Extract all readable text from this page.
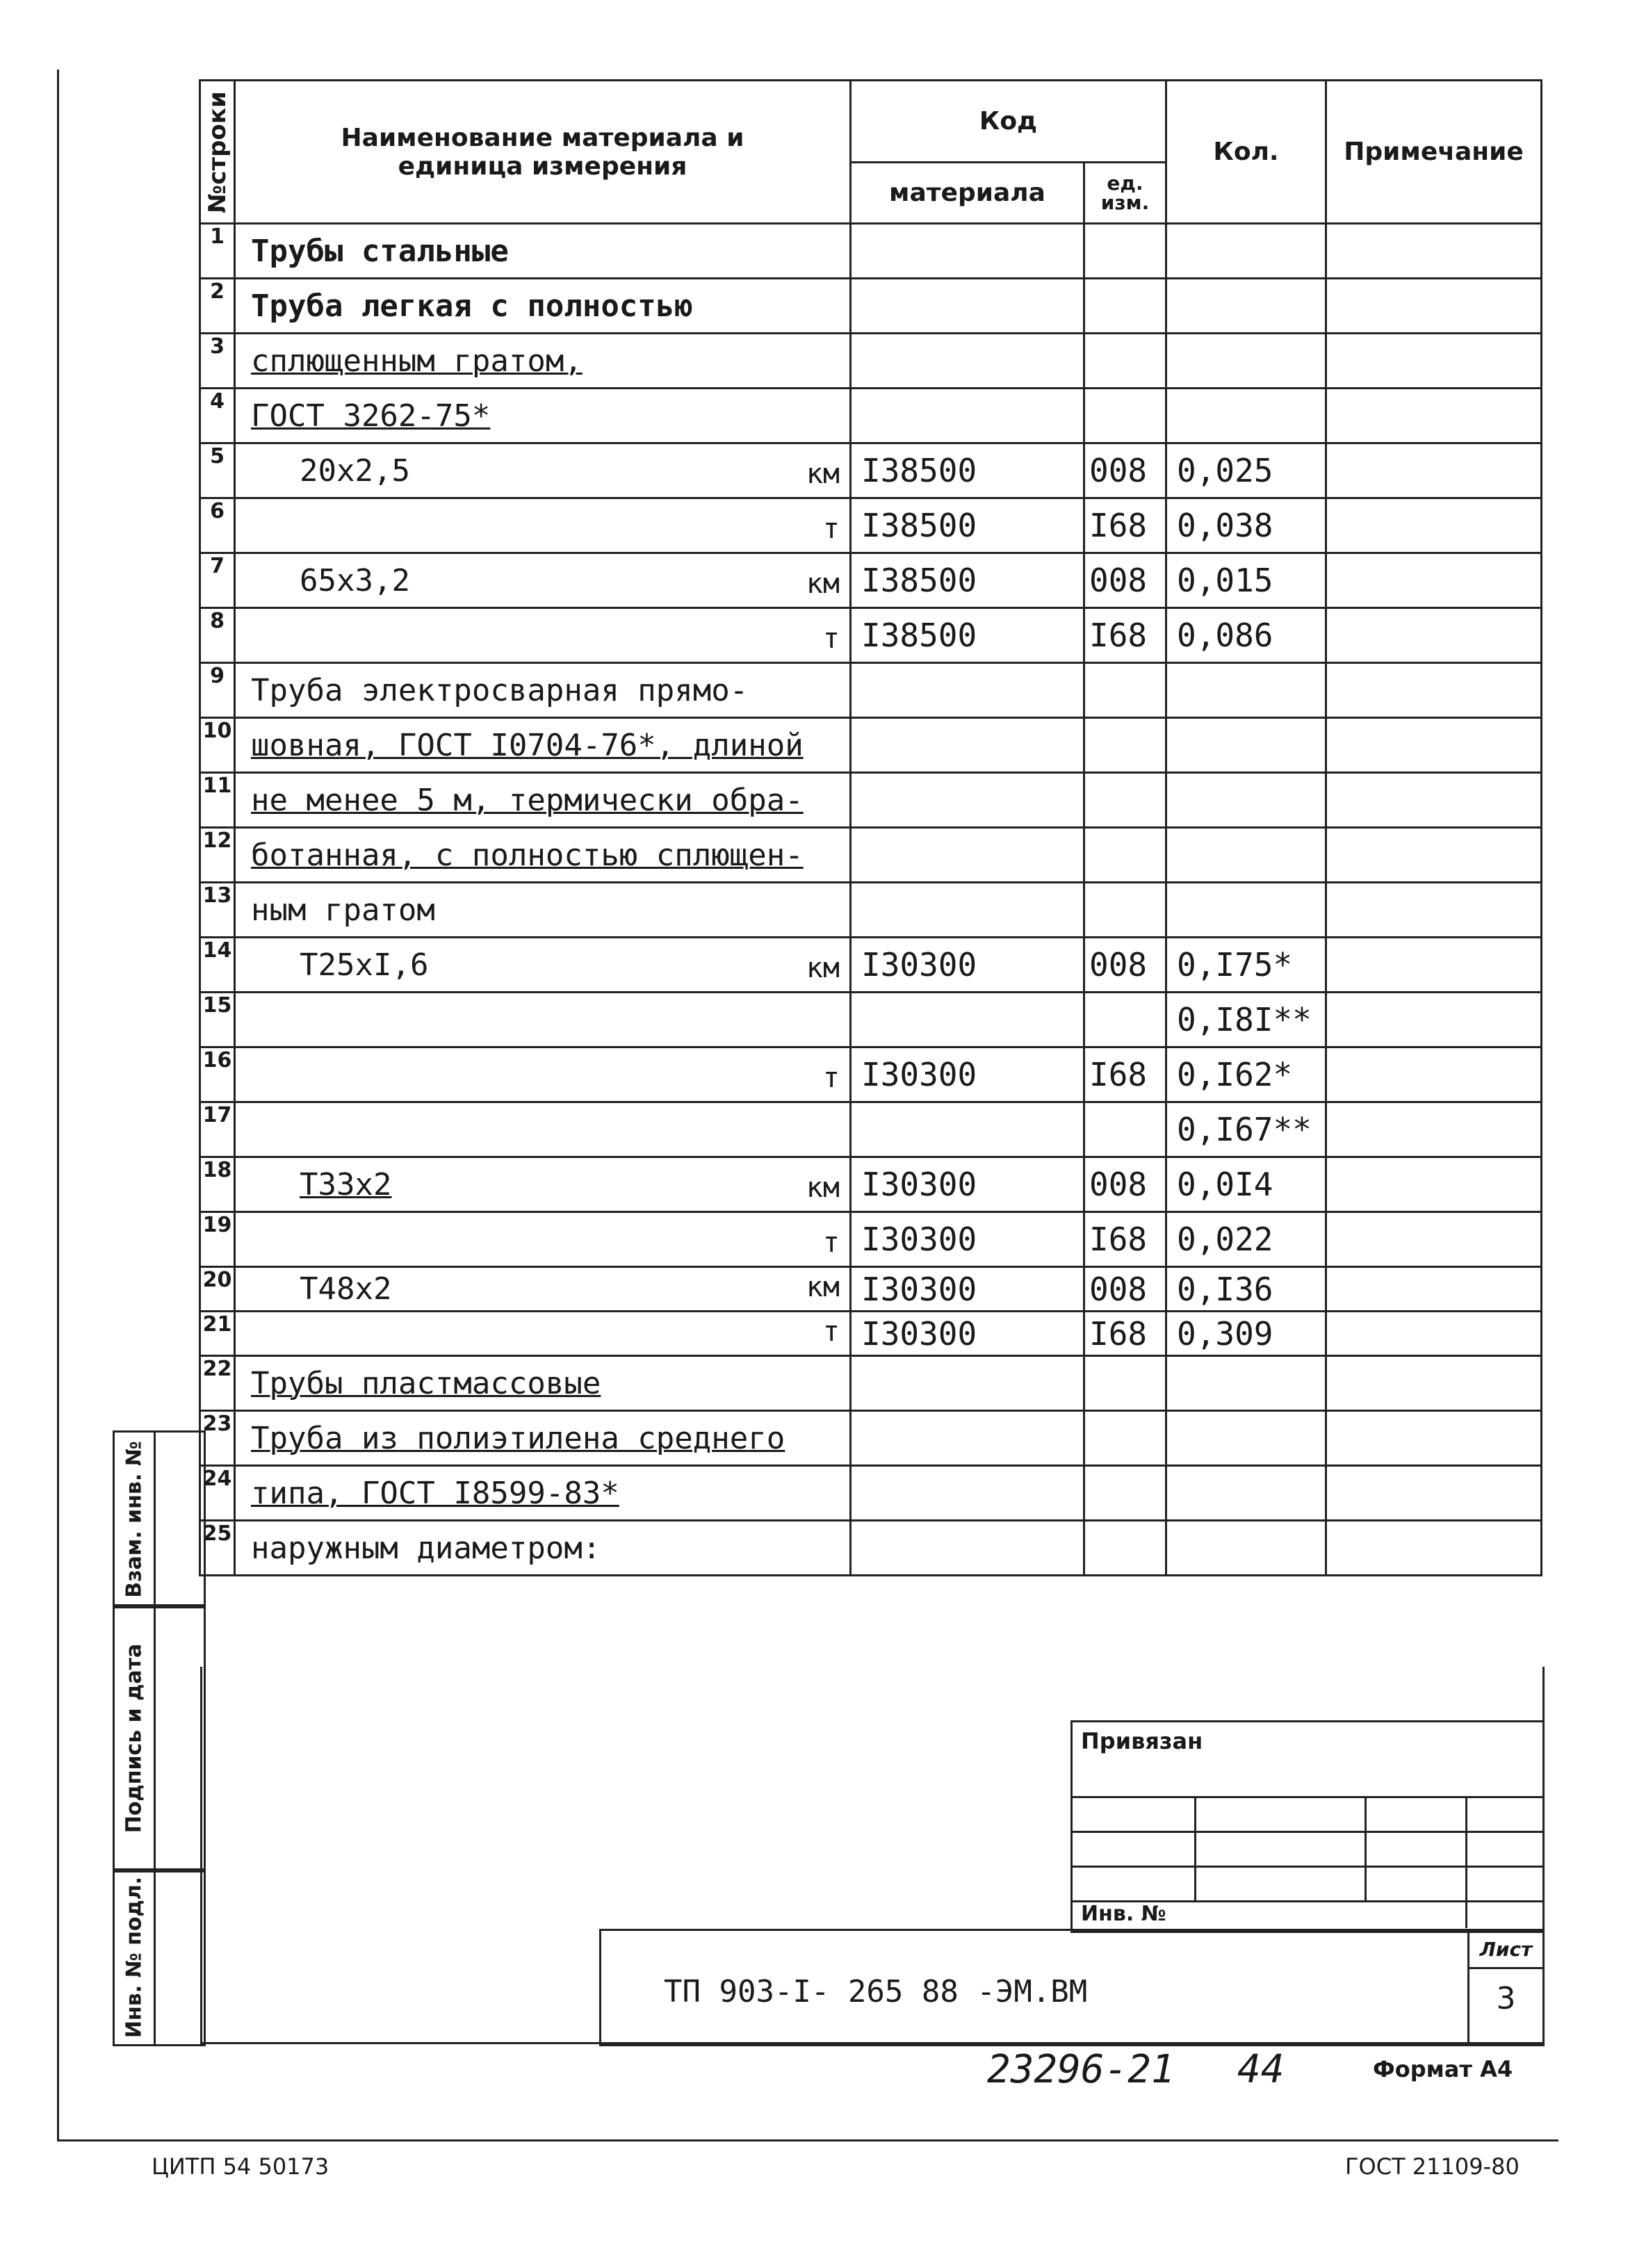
№строки	Наименование материала и единица измерения	Код		Кол.	Примечание
		материала	ед. изм.		
1	Трубы стальные

2	Труба легкая с полностью

3	сплющенным гратом,

4	ГОСТ 3262-75*

5	20x2,5 км	I38500	008	0,025	
6	т	I38500	I68	0,038	
7	65x3,2 км	I38500	008	0,015	
8	т	I38500	I68	0,086	
9	Труба электросварная прямо-

10	шовная, ГОСТ I0704-76*, длиной

11	не менее 5 м, термически обра-

12	ботанная, с полностью сплющен-

13	ным гратом

14	T25xI,6 км	I30300	008	0,I75*	
15				0,I8I**	
16	т	I30300	I68	0,I62*	
17				0,I67**	
18	T33x2 км	I30300	008	0,0I4	
19	т	I30300	I68	0,022	
20	T48x2 км	I30300	008	0,I36	
21	т	I30300	I68	0,309	
22	Трубы пластмассовые

23	Труба из полиэтилена среднего

24	типа, ГОСТ I8599-83*

25	наружным диаметром:

Взам. инв. №
Подпись и дата
Инв. № подл.
Привязан
Инв. №
ТП 903-I- 265 88 -ЭМ.ВМ
Лист
3
23296-21 44	Формат А4
ЦИТП 54 50173	ГОСТ 21109-80
